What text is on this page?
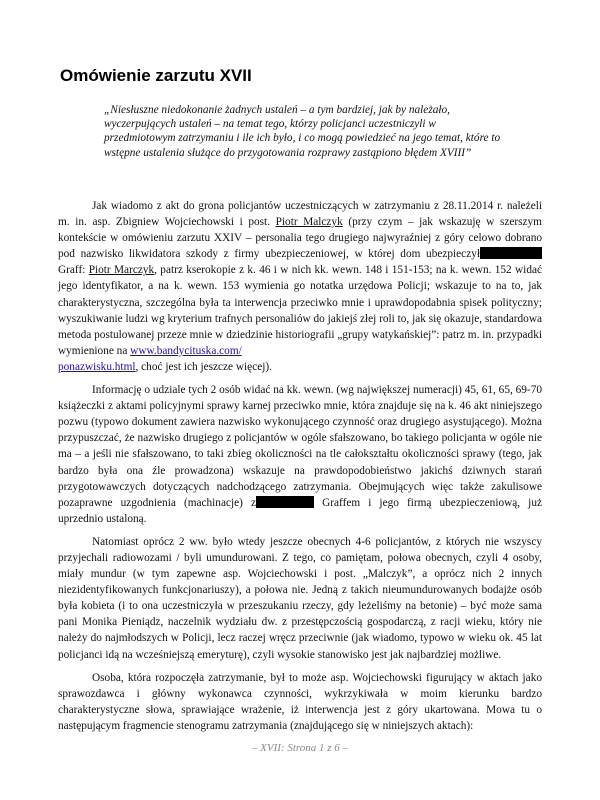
Omówienie zarzutu XVII

„Niesłuszne niedokonanie żadnych ustaleń – a tym bardziej, jak by należało, wyczerpujących ustaleń – na temat tego, którzy policjanci uczestniczyli w przedmiotowym zatrzymaniu i ile ich było, i co mogą powiedzieć na jego temat, które to wstępne ustalenia służące do przygotowania rozprawy zastąpiono błędem XVIII”

Jak wiadomo z akt do grona policjantów uczestniczących w zatrzymaniu z 28.11.2014 r. należeli m. in. asp. Zbigniew Wojciechowski i post. Piotr Malczyk (przy czym – jak wskazuję w szerszym kontekście w omówieniu zarzutu XXIV – personalia tego drugiego najwyraźniej z góry celowo dobrano pod nazwisko likwidatora szkody z firmy ubezpieczeniowej, w której dom ubezpieczył Graff: Piotr Marczyk, patrz kserokopie z k. 46 i w nich kk. wewn. 148 i 151-153; na k. wewn. 152 widać jego identyfikator, a na k. wewn. 153 wymienia go notatka urzędowa Policji; wskazuje to na to, jak charakterystyczna, szczególna była ta interwencja przeciwko mnie i uprawdopodabnia spisek polityczny; wyszukiwanie ludzi wg kryterium trafnych personaliów do jakiejś złej roli to, jak się okazuje, standardowa metoda postulowanej przeze mnie w dziedzinie historiografii „grupy watykańskiej”: patrz m. in. przypadki wymienione na www.bandycituska.com/
ponazwisku.html, choć jest ich jeszcze więcej).

Informację o udziale tych 2 osób widać na kk. wewn. (wg największej numeracji) 45, 61, 65, 69-70 książeczki z aktami policyjnymi sprawy karnej przeciwko mnie, która znajduje się na k. 46 akt niniejszego pozwu (typowo dokument zawiera nazwisko wykonującego czynność oraz drugiego asystującego). Można przypuszczać, że nazwisko drugiego z policjantów w ogóle sfałszowano, bo takiego policjanta w ogóle nie ma – a jeśli nie sfałszowano, to taki zbieg okoliczności na tle całokształtu okoliczności sprawy (tego, jak bardzo była ona źle prowadzona) wskazuje na prawdopodobieństwo jakichś dziwnych starań przygotowawczych dotyczących nadchodzącego zatrzymania. Obejmujących więc także zakulisowe pozaprawne uzgodnienia (machinacje) z	Graffem i jego firmą ubezpieczeniową, już uprzednio ustaloną.

Natomiast oprócz 2 ww. było wtedy jeszcze obecnych 4-6 policjantów, z których nie wszyscy przyjechali radiowozami / byli umundurowani. Z tego, co pamiętam, połowa obecnych, czyli 4 osoby, miały mundur (w tym zapewne asp. Wojciechowski i post. „Malczyk”, a oprócz nich 2 innych niezidentyfikowanych funkcjonariuszy), a połowa nie. Jedną z takich nieumundurowanych bodajże osób była kobieta (i to ona uczestniczyła w przeszukaniu rzeczy, gdy leżeliśmy na betonie) – być może sama pani Monika Pieniądz, naczelnik wydziału dw. z przestępczością gospodarczą, z racji wieku, który nie należy do najmłodszych w Policji, lecz raczej wręcz przeciwnie (jak wiadomo, typowo w wieku ok. 45 lat policjanci idą na wcześniejszą emeryturę), czyli wysokie stanowisko jest jak najbardziej możliwe.

Osoba, która rozpoczęła zatrzymanie, był to może asp. Wojciechowski figurujący w aktach jako sprawozdawca i główny wykonawca czynności, wykrzykiwała w moim kierunku bardzo charakterystyczne słowa, sprawiające wrażenie, iż interwencja jest z góry ukartowana. Mowa tu o następującym fragmencie stenogramu zatrzymania (znajdującego się w niniejszych aktach):

– XVII: Strona 1 z 6 –
